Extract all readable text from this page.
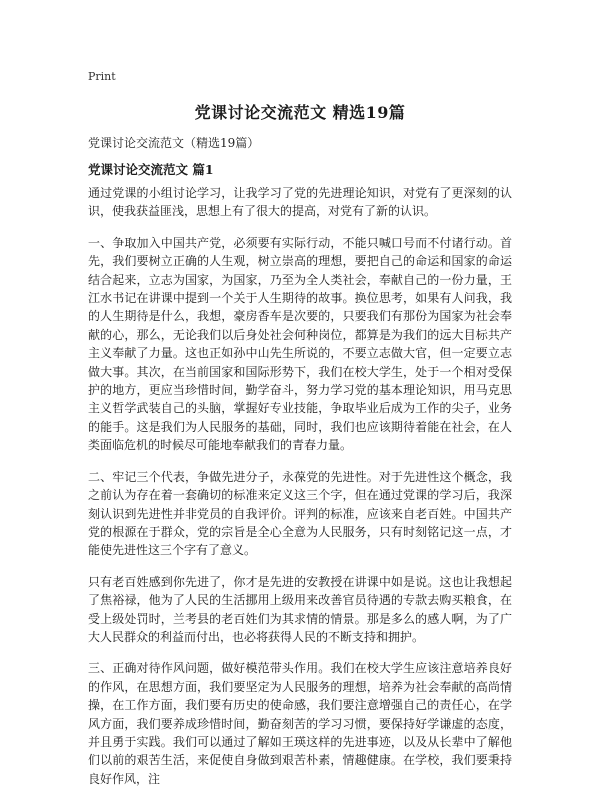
Print
党课讨论交流范文 精选19篇
党课讨论交流范文（精选19篇）
党课讨论交流范文 篇1

通过党课的小组讨论学习，让我学习了党的先进理论知识，对党有了更深刻的认识，使我获益匪浅，思想上有了很大的提高，对党有了新的认识。

一、争取加入中国共产党，必须要有实际行动，不能只喊口号而不付诸行动。首先，我们要树立正确的人生观，树立崇高的理想，要把自己的命运和国家的命运结合起来，立志为国家，为国家，乃至为全人类社会，奉献自己的一份力量，王江水书记在讲课中提到一个关于人生期待的故事。换位思考，如果有人问我，我的人生期待是什么，我想，豪房香车是次要的，只要我们有那份为国家为社会奉献的心，那么，无论我们以后身处社会何种岗位，都算是为我们的远大目标共产主义奉献了力量。这也正如孙中山先生所说的，不要立志做大官，但一定要立志做大事。其次，在当前国家和国际形势下，我们在校大学生，处于一个相对受保护的地方，更应当珍惜时间，勤学奋斗，努力学习党的基本理论知识，用马克思主义哲学武装自己的头脑，掌握好专业技能，争取毕业后成为工作的尖子，业务的能手。这是我们为人民服务的基础，同时，我们也应该期待着能在社会，在人类面临危机的时候尽可能地奉献我们的青春力量。

二、牢记三个代表，争做先进分子，永葆党的先进性。对于先进性这个概念，我之前认为存在着一套确切的标准来定义这三个字，但在通过党课的学习后，我深刻认识到先进性并非党员的自我评价。评判的标准，应该来自老百姓。中国共产党的根源在于群众，党的宗旨是全心全意为人民服务，只有时刻铭记这一点，才能使先进性这三个字有了意义。

只有老百姓感到你先进了，你才是先进的安教授在讲课中如是说。这也让我想起了焦裕禄，他为了人民的生活挪用上级用来改善官员待遇的专款去购买粮食，在受上级处罚时，兰考县的老百姓们为其求情的情景。那是多么的感人啊，为了广大人民群众的利益而付出，也必将获得人民的不断支持和拥护。

三、正确对待作风问题，做好模范带头作用。我们在校大学生应该注意培养良好的作风，在思想方面，我们要坚定为人民服务的理想，培养为社会奉献的高尚情操，在工作方面，我们要有历史的使命感，我们要注意增强自己的责任心，在学风方面，我们要养成珍惜时间，勤奋刻苦的学习习惯，要保持好学谦虚的态度，并且勇于实践。我们可以通过了解如王瑛这样的先进事迹，以及从长辈中了解他们以前的艰苦生活，来促使自身做到艰苦朴素，情趣健康。在学校，我们要秉持良好作风，注
